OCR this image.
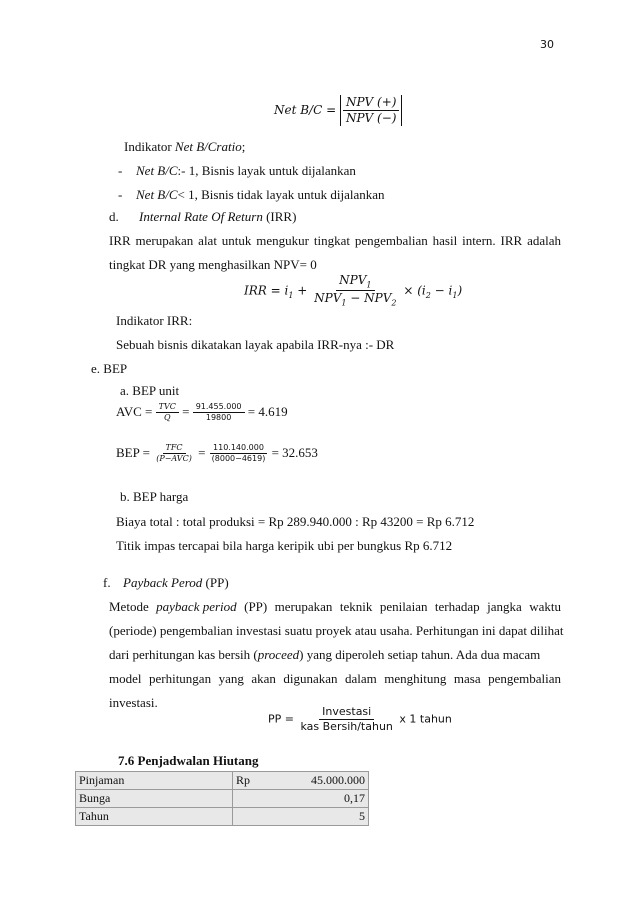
30
Net $B/C = \frac{\text{NPV (+)}}{\text{NPV (−)}}$
Indikator Net B/Cratio;
- Net B/C:- 1, Bisnis layak untuk dijalankan
- Net B/C< 1, Bisnis tidak layak untuk dijalankan
d. Internal Rate Of Return (IRR)
IRR merupakan alat untuk mengukur tingkat pengembalian hasil intern. IRR adalah
tingkat DR yang menghasilkan NPV= 0
IRR = $i_1 + \frac{NPV_1}{NPV_1 - NPV_2} \times (i_2 - i_1)$
Indikator IRR:
Sebuah bisnis dikatakan layak apabila IRR-nya :- DR
e. BEP
a. BEP unit
AVC = $\frac{\text{TVC}}{Q} = \frac{91.455.000}{19800} = 4.619$
BEP = $\frac{\text{TFC}}{\text{(P−AVC)}} = \frac{110.140.000}{(8000-4619)} = 32.653$
b. BEP harga
Biaya total : total produksi = Rp 289.940.000 : Rp 43200 = Rp 6.712
Titik impas tercapai bila harga keripik ubi per bungkus Rp 6.712
f. Payback Perod (PP)
Metode payback period (PP) merupakan teknik penilaian terhadap jangka waktu
(periode) pengembalian investasi suatu proyek atau usaha. Perhitungan ini dapat dilihat
dari perhitungan kas bersih (proceed) yang diperoleh setiap tahun. Ada dua macam
model perhitungan yang akan digunakan dalam menghitung masa pengembalian
investasi.
PP = $\frac{\text{Investasi}}{\text{kas Bersih/tahun}}$ x 1 tahun
7.6 Penjadwalan Hiutang
Pinjaman	Rp	45.000.000
Bunga		0,17
Tahun		5
